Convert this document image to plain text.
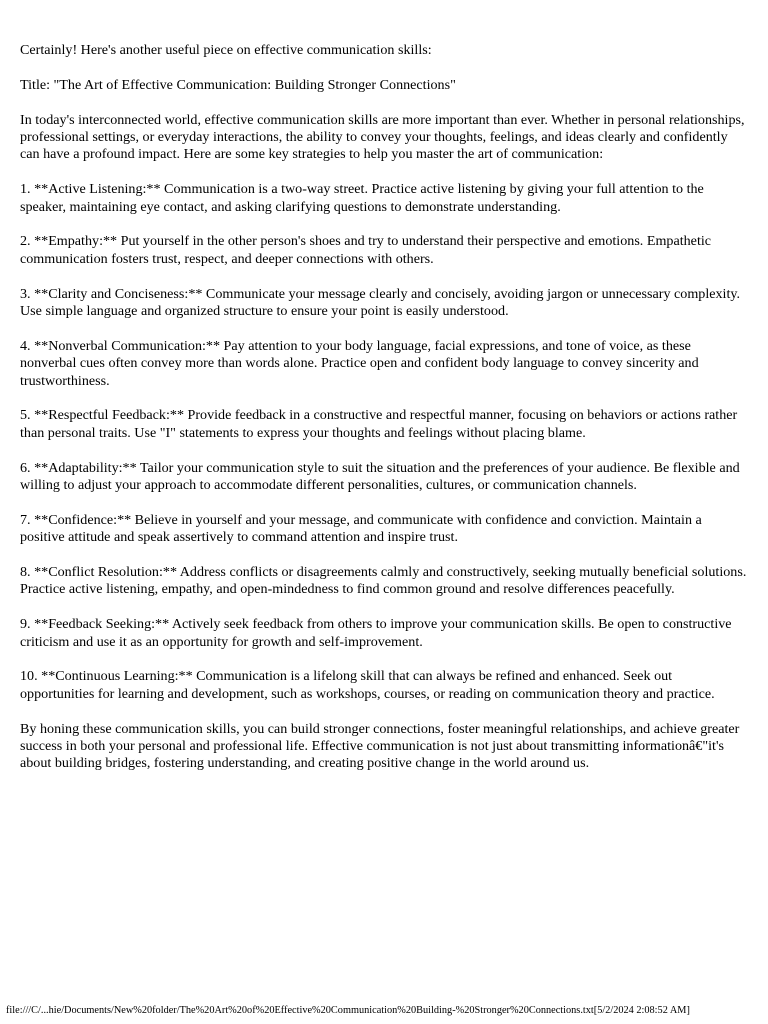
Certainly! Here's another useful piece on effective communication skills:

Title: "The Art of Effective Communication: Building Stronger Connections"

In today's interconnected world, effective communication skills are more important than ever. Whether in personal relationships, professional settings, or everyday interactions, the ability to convey your thoughts, feelings, and ideas clearly and confidently can have a profound impact. Here are some key strategies to help you master the art of communication:

1. **Active Listening:** Communication is a two-way street. Practice active listening by giving your full attention to the speaker, maintaining eye contact, and asking clarifying questions to demonstrate understanding.

2. **Empathy:** Put yourself in the other person's shoes and try to understand their perspective and emotions. Empathetic communication fosters trust, respect, and deeper connections with others.

3. **Clarity and Conciseness:** Communicate your message clearly and concisely, avoiding jargon or unnecessary complexity. Use simple language and organized structure to ensure your point is easily understood.

4. **Nonverbal Communication:** Pay attention to your body language, facial expressions, and tone of voice, as these nonverbal cues often convey more than words alone. Practice open and confident body language to convey sincerity and trustworthiness.

5. **Respectful Feedback:** Provide feedback in a constructive and respectful manner, focusing on behaviors or actions rather than personal traits. Use "I" statements to express your thoughts and feelings without placing blame.

6. **Adaptability:** Tailor your communication style to suit the situation and the preferences of your audience. Be flexible and willing to adjust your approach to accommodate different personalities, cultures, or communication channels.

7. **Confidence:** Believe in yourself and your message, and communicate with confidence and conviction. Maintain a positive attitude and speak assertively to command attention and inspire trust.

8. **Conflict Resolution:** Address conflicts or disagreements calmly and constructively, seeking mutually beneficial solutions. Practice active listening, empathy, and open-mindedness to find common ground and resolve differences peacefully.

9. **Feedback Seeking:** Actively seek feedback from others to improve your communication skills. Be open to constructive criticism and use it as an opportunity for growth and self-improvement.

10. **Continuous Learning:** Communication is a lifelong skill that can always be refined and enhanced. Seek out opportunities for learning and development, such as workshops, courses, or reading on communication theory and practice.

By honing these communication skills, you can build stronger connections, foster meaningful relationships, and achieve greater success in both your personal and professional life. Effective communication is not just about transmitting informationâ€"it's about building bridges, fostering understanding, and creating positive change in the world around us.

file:///C/...hie/Documents/New%20folder/The%20Art%20of%20Effective%20Communication%20Building-%20Stronger%20Connections.txt[5/2/2024 2:08:52 AM]
